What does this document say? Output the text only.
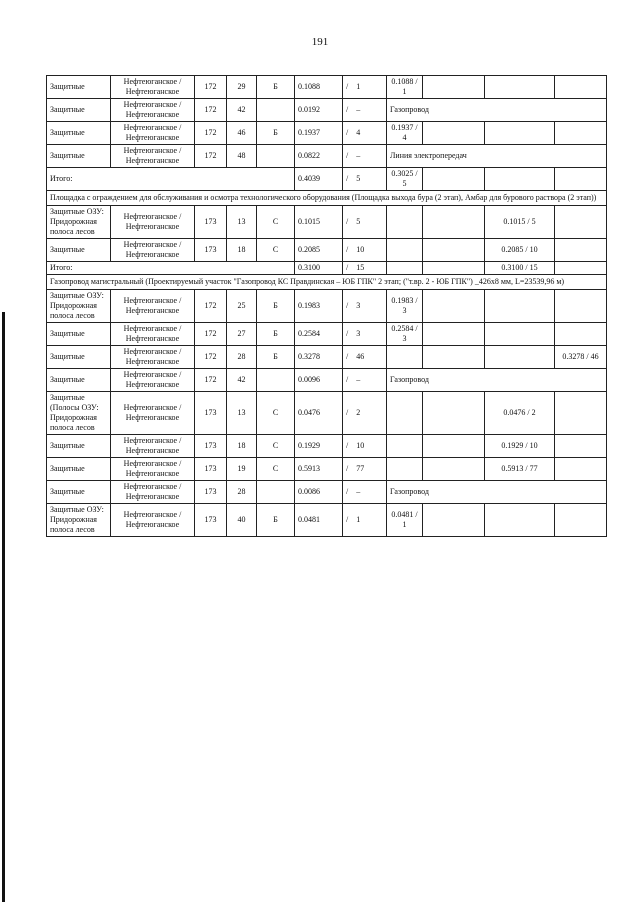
191
Защитные	Нефтеюганское / Нефтеюганское	172	29	Б	0.1088	/ 1	0.1088 / 1			
Защитные	Нефтеюганское / Нефтеюганское	172	42		0.0192	/ –	Газопровод			
Защитные	Нефтеюганское / Нефтеюганское	172	46	Б	0.1937	/ 4	0.1937 / 4			
Защитные	Нефтеюганское / Нефтеюганское	172	48		0.0822	/ –	Линия электропередач			
Итого:					0.4039	/ 5	0.3025 / 5			
Площадка с ограждением для обслуживания и осмотра технологического оборудования (Площадка выхода бура (2 этап), Амбар для бурового раствора (2 этап))										
Защитные ОЗУ: Придорожная полоса лесов	Нефтеюганское / Нефтеюганское	173	13	С	0.1015	/ 5			0.1015 / 5	
Защитные	Нефтеюганское / Нефтеюганское	173	18	С	0.2085	/ 10			0.2085 / 10	
Итого:					0.3100	/ 15			0.3100 / 15	
Газопровод магистральный (Проектируемый участок "Газопровод КС Правдинская – ЮБ ГПК" 2 этап; ("т.вр. 2 - ЮБ ГПК") _426х8 мм, L=23539,96 м)										
Защитные ОЗУ: Придорожная полоса лесов	Нефтеюганское / Нефтеюганское	172	25	Б	0.1983	/ 3	0.1983 / 3			
Защитные	Нефтеюганское / Нефтеюганское	172	27	Б	0.2584	/ 3	0.2584 / 3			
Защитные	Нефтеюганское / Нефтеюганское	172	28	Б	0.3278	/ 46				0.3278 / 46
Защитные	Нефтеюганское / Нефтеюганское	172	42		0.0096	/ –	Газопровод			
Защитные (Полосы ОЗУ: Придорожная полоса лесов	Нефтеюганское / Нефтеюганское	173	13	С	0.0476	/ 2			0.0476 / 2	
Защитные	Нефтеюганское / Нефтеюганское	173	18	С	0.1929	/ 10			0.1929 / 10	
Защитные	Нефтеюганское / Нефтеюганское	173	19	С	0.5913	/ 77			0.5913 / 77	
Защитные	Нефтеюганское / Нефтеюганское	173	28		0.0086	/ –	Газопровод			
Защитные ОЗУ: Придорожная полоса лесов	Нефтеюганское / Нефтеюганское	173	40	Б	0.0481	/ 1	0.0481 / 1			
